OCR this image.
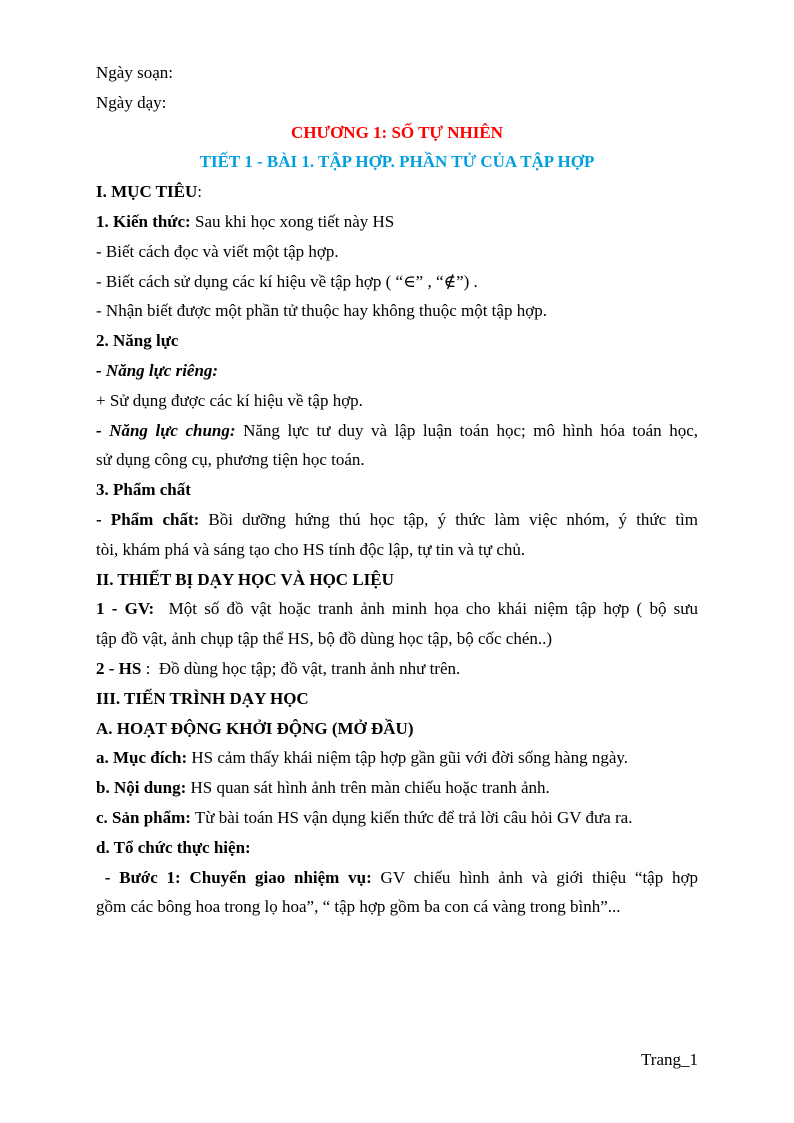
Ngày soạn:
Ngày dạy:
CHƯƠNG 1: SỐ TỰ NHIÊN
TIẾT 1 - BÀI 1. TẬP HỢP. PHẦN TỬ CỦA TẬP HỢP
I. MỤC TIÊU:
1. Kiến thức: Sau khi học xong tiết này HS
- Biết cách đọc và viết một tập hợp.
- Biết cách sử dụng các kí hiệu về tập hợp ( “∈” , “∉”) .
- Nhận biết được một phần tử thuộc hay không thuộc một tập hợp.
2. Năng lực
- Năng lực riêng:
+ Sử dụng được các kí hiệu về tập hợp.
- Năng lực chung: Năng lực tư duy và lập luận toán học; mô hình hóa toán học,
sử dụng công cụ, phương tiện học toán.
3. Phẩm chất
- Phẩm chất: Bồi dưỡng hứng thú học tập, ý thức làm việc nhóm, ý thức tìm
tòi, khám phá và sáng tạo cho HS tính độc lập, tự tin và tự chủ.
II. THIẾT BỊ DẠY HỌC VÀ HỌC LIỆU
1 - GV:  Một số đồ vật hoặc tranh ảnh minh họa cho khái niệm tập hợp ( bộ sưu
tập đồ vật, ảnh chụp tập thể HS, bộ đồ dùng học tập, bộ cốc chén..)
2 - HS :  Đồ dùng học tập; đồ vật, tranh ảnh như trên.
III. TIẾN TRÌNH DẠY HỌC
A. HOẠT ĐỘNG KHỞI ĐỘNG (MỞ ĐẦU)
a. Mục đích: HS cảm thấy khái niệm tập hợp gần gũi với đời sống hàng ngày.
b. Nội dung: HS quan sát hình ảnh trên màn chiếu hoặc tranh ảnh.
c. Sản phẩm: Từ bài toán HS vận dụng kiến thức để trả lời câu hỏi GV đưa ra.
d. Tổ chức thực hiện:
- Bước 1: Chuyển giao nhiệm vụ: GV chiếu hình ảnh và giới thiệu “tập hợp
gồm các bông hoa trong lọ hoa”, “ tập hợp gồm ba con cá vàng trong bình”...
Trang_1
